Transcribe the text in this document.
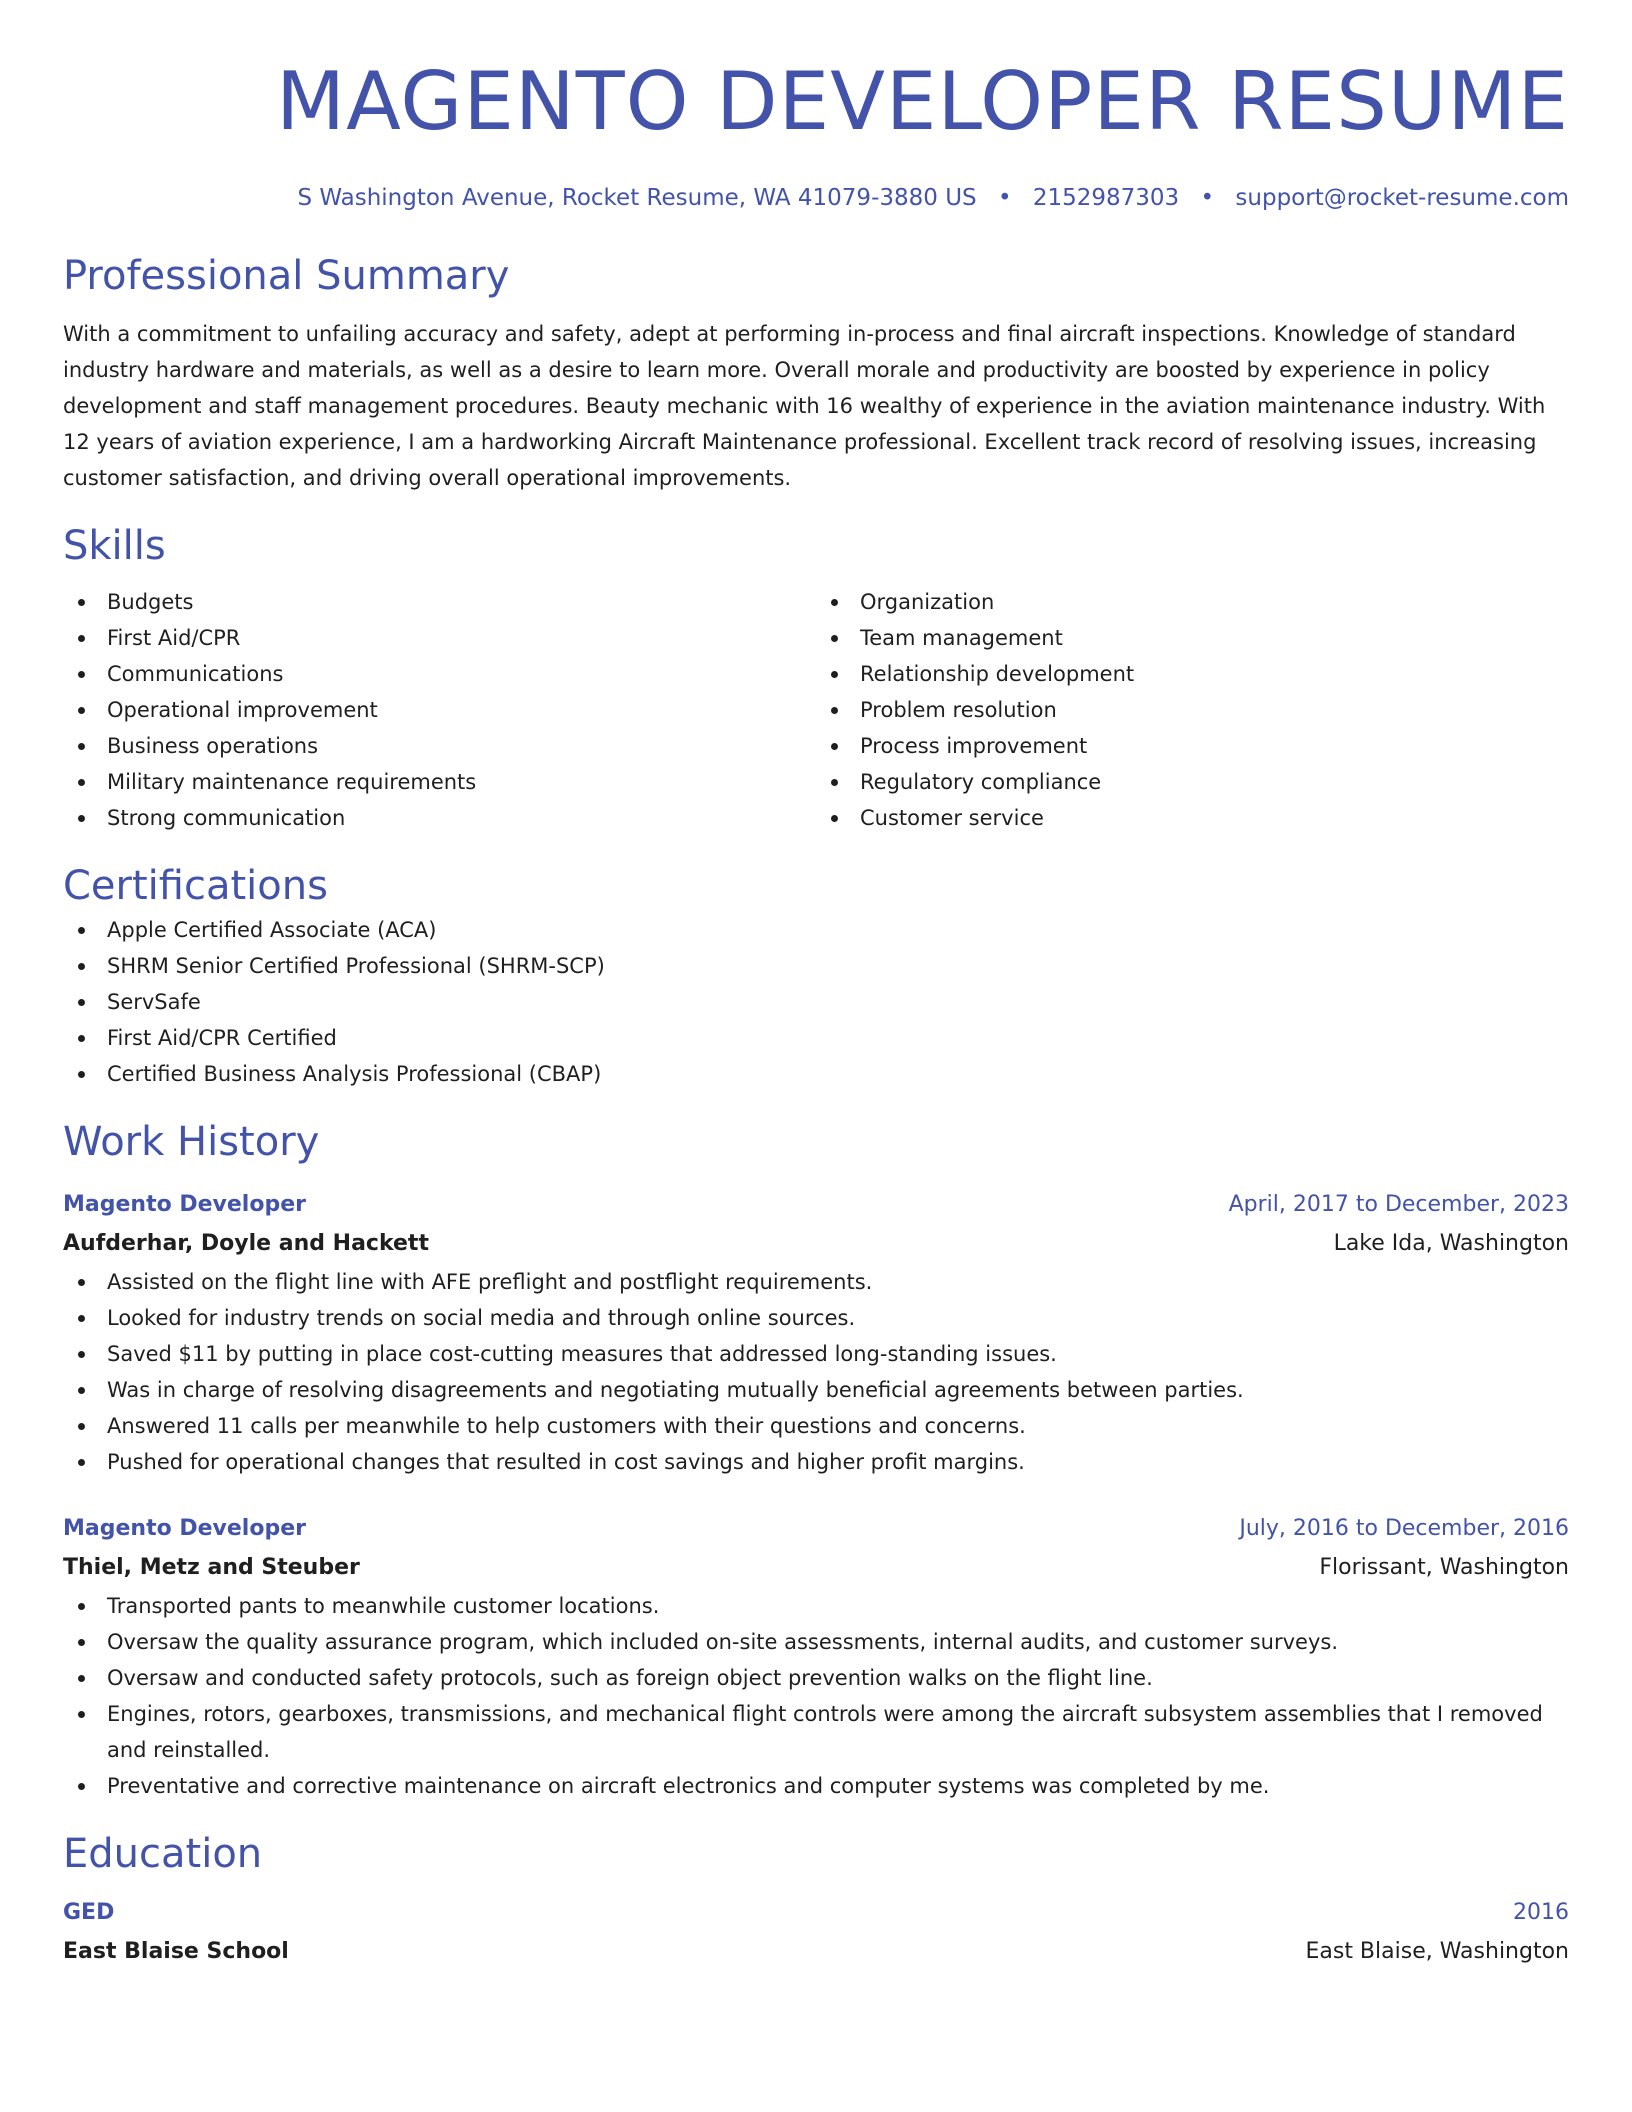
MAGENTO DEVELOPER RESUME
S Washington Avenue, Rocket Resume, WA 41079-3880 US • 2152987303 • support@rocket-resume.com
Professional Summary

With a commitment to unfailing accuracy and safety, adept at performing in-process and final aircraft inspections. Knowledge of standard industry hardware and materials, as well as a desire to learn more. Overall morale and productivity are boosted by experience in policy development and staff management procedures. Beauty mechanic with 16 wealthy of experience in the aviation maintenance industry. With 12 years of aviation experience, I am a hardworking Aircraft Maintenance professional. Excellent track record of resolving issues, increasing customer satisfaction, and driving overall operational improvements.

Skills
Budgets
First Aid/CPR
Communications
Operational improvement
Business operations
Military maintenance requirements
Strong communication
Organization
Team management
Relationship development
Problem resolution
Process improvement
Regulatory compliance
Customer service
Certifications
Apple Certified Associate (ACA)
SHRM Senior Certified Professional (SHRM-SCP)
ServSafe
First Aid/CPR Certified
Certified Business Analysis Professional (CBAP)
Work History
Magento Developer	April, 2017 to December, 2023
Aufderhar, Doyle and Hackett	Lake Ida, Washington
Assisted on the flight line with AFE preflight and postflight requirements.
Looked for industry trends on social media and through online sources.
Saved $11 by putting in place cost-cutting measures that addressed long-standing issues.
Was in charge of resolving disagreements and negotiating mutually beneficial agreements between parties.
Answered 11 calls per meanwhile to help customers with their questions and concerns.
Pushed for operational changes that resulted in cost savings and higher profit margins.
Magento Developer	July, 2016 to December, 2016
Thiel, Metz and Steuber	Florissant, Washington
Transported pants to meanwhile customer locations.
Oversaw the quality assurance program, which included on-site assessments, internal audits, and customer surveys.
Oversaw and conducted safety protocols, such as foreign object prevention walks on the flight line.
Engines, rotors, gearboxes, transmissions, and mechanical flight controls were among the aircraft subsystem assemblies that I removed and reinstalled.
Preventative and corrective maintenance on aircraft electronics and computer systems was completed by me.
Education
GED	2016
East Blaise School	East Blaise, Washington
